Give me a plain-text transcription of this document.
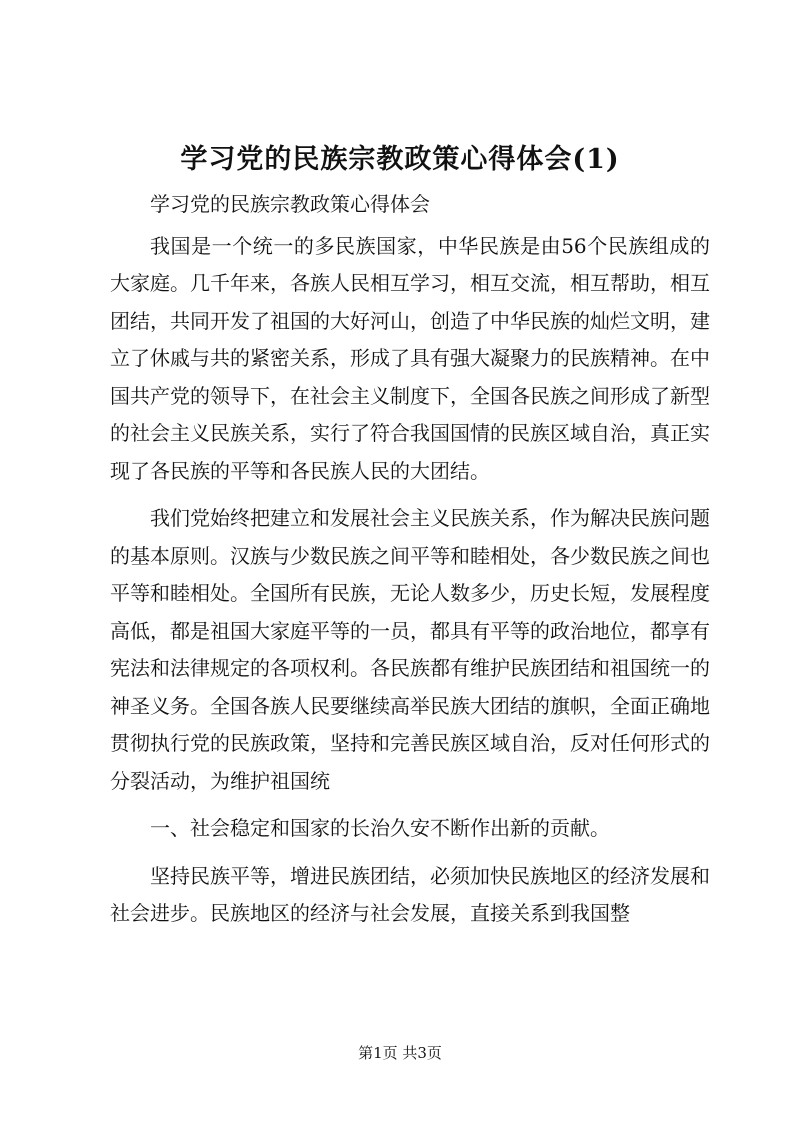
学习党的民族宗教政策心得体会(1)

学习党的民族宗教政策心得体会

我国是一个统一的多民族国家，中华民族是由56个民族组成的大家庭。几千年来，各族人民相互学习，相互交流，相互帮助，相互团结，共同开发了祖国的大好河山，创造了中华民族的灿烂文明，建立了休戚与共的紧密关系，形成了具有强大凝聚力的民族精神。在中国共产党的领导下，在社会主义制度下，全国各民族之间形成了新型的社会主义民族关系，实行了符合我国国情的民族区域自治，真正实现了各民族的平等和各民族人民的大团结。

我们党始终把建立和发展社会主义民族关系，作为解决民族问题的基本原则。汉族与少数民族之间平等和睦相处，各少数民族之间也平等和睦相处。全国所有民族，无论人数多少，历史长短，发展程度高低，都是祖国大家庭平等的一员，都具有平等的政治地位，都享有宪法和法律规定的各项权利。各民族都有维护民族团结和祖国统一的神圣义务。全国各族人民要继续高举民族大团结的旗帜，全面正确地贯彻执行党的民族政策，坚持和完善民族区域自治，反对任何形式的分裂活动，为维护祖国统

一、社会稳定和国家的长治久安不断作出新的贡献。

坚持民族平等，增进民族团结，必须加快民族地区的经济发展和社会进步。民族地区的经济与社会发展，直接关系到我国整

第1页 共3页
